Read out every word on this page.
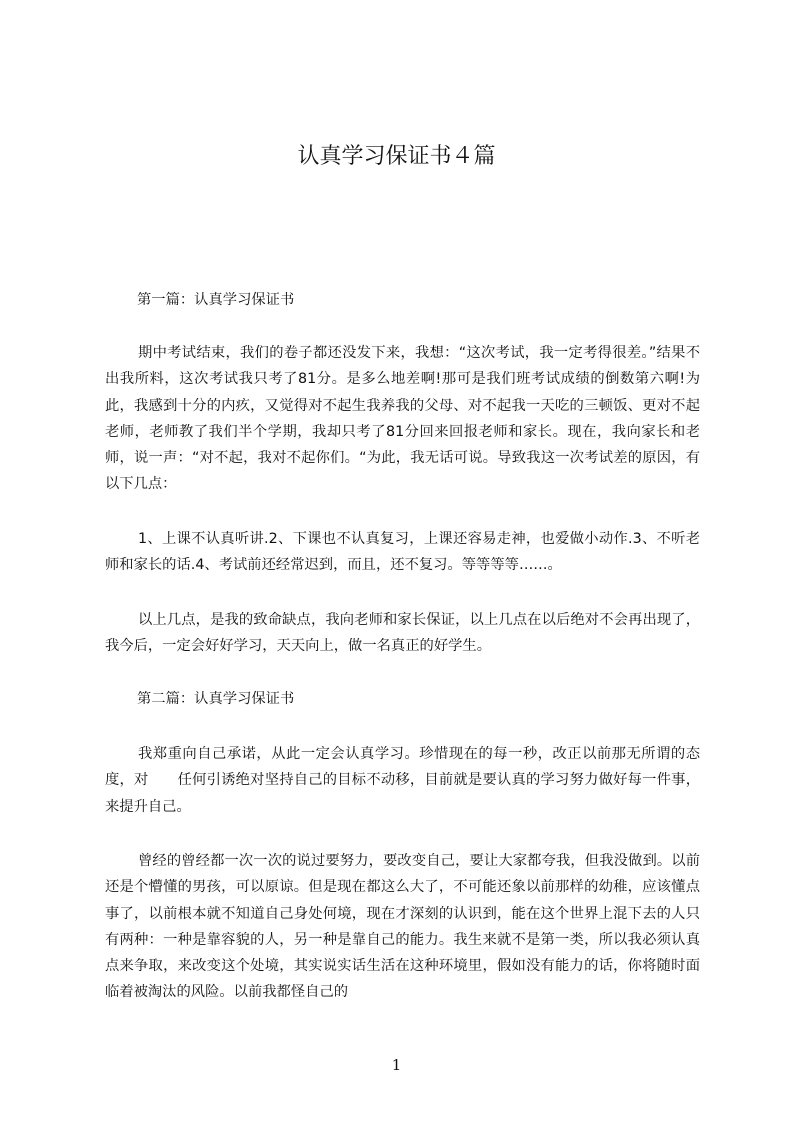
认真学习保证书４篇

第一篇：认真学习保证书

期中考试结束，我们的卷子都还没发下来，我想：“这次考试，我一定考得很差。”结果不出我所料，这次考试我只考了81分。是多么地差啊!那可是我们班考试成绩的倒数第六啊!为此，我感到十分的内疚，又觉得对不起生我养我的父母、对不起我一天吃的三顿饭、更对不起老师，老师教了我们半个学期，我却只考了81分回来回报老师和家长。现在，我向家长和老师，说一声：“对不起，我对不起你们。“为此，我无话可说。导致我这一次考试差的原因，有以下几点：

1、上课不认真听讲.2、下课也不认真复习，上课还容易走神，也爱做小动作.3、不听老师和家长的话.4、考试前还经常迟到，而且，还不复习。等等等等……。

以上几点，是我的致命缺点，我向老师和家长保证，以上几点在以后绝对不会再出现了，我今后，一定会好好学习，天天向上，做一名真正的好学生。

第二篇：认真学习保证书

我郑重向自己承诺，从此一定会认真学习。珍惜现在的每一秒，改正以前那无所谓的态度，对　　任何引诱绝对坚持自己的目标不动移，目前就是要认真的学习努力做好每一件事，来提升自己。

曾经的曾经都一次一次的说过要努力，要改变自己，要让大家都夸我，但我没做到。以前还是个懵懂的男孩，可以原谅。但是现在都这么大了，不可能还象以前那样的幼稚，应该懂点事了，以前根本就不知道自己身处何境，现在才深刻的认识到，能在这个世界上混下去的人只有两种：一种是靠容貌的人，另一种是靠自己的能力。我生来就不是第一类，所以我必须认真点来争取，来改变这个处境，其实说实话生活在这种环境里，假如没有能力的话，你将随时面临着被淘汰的风险。以前我都怪自己的

1
